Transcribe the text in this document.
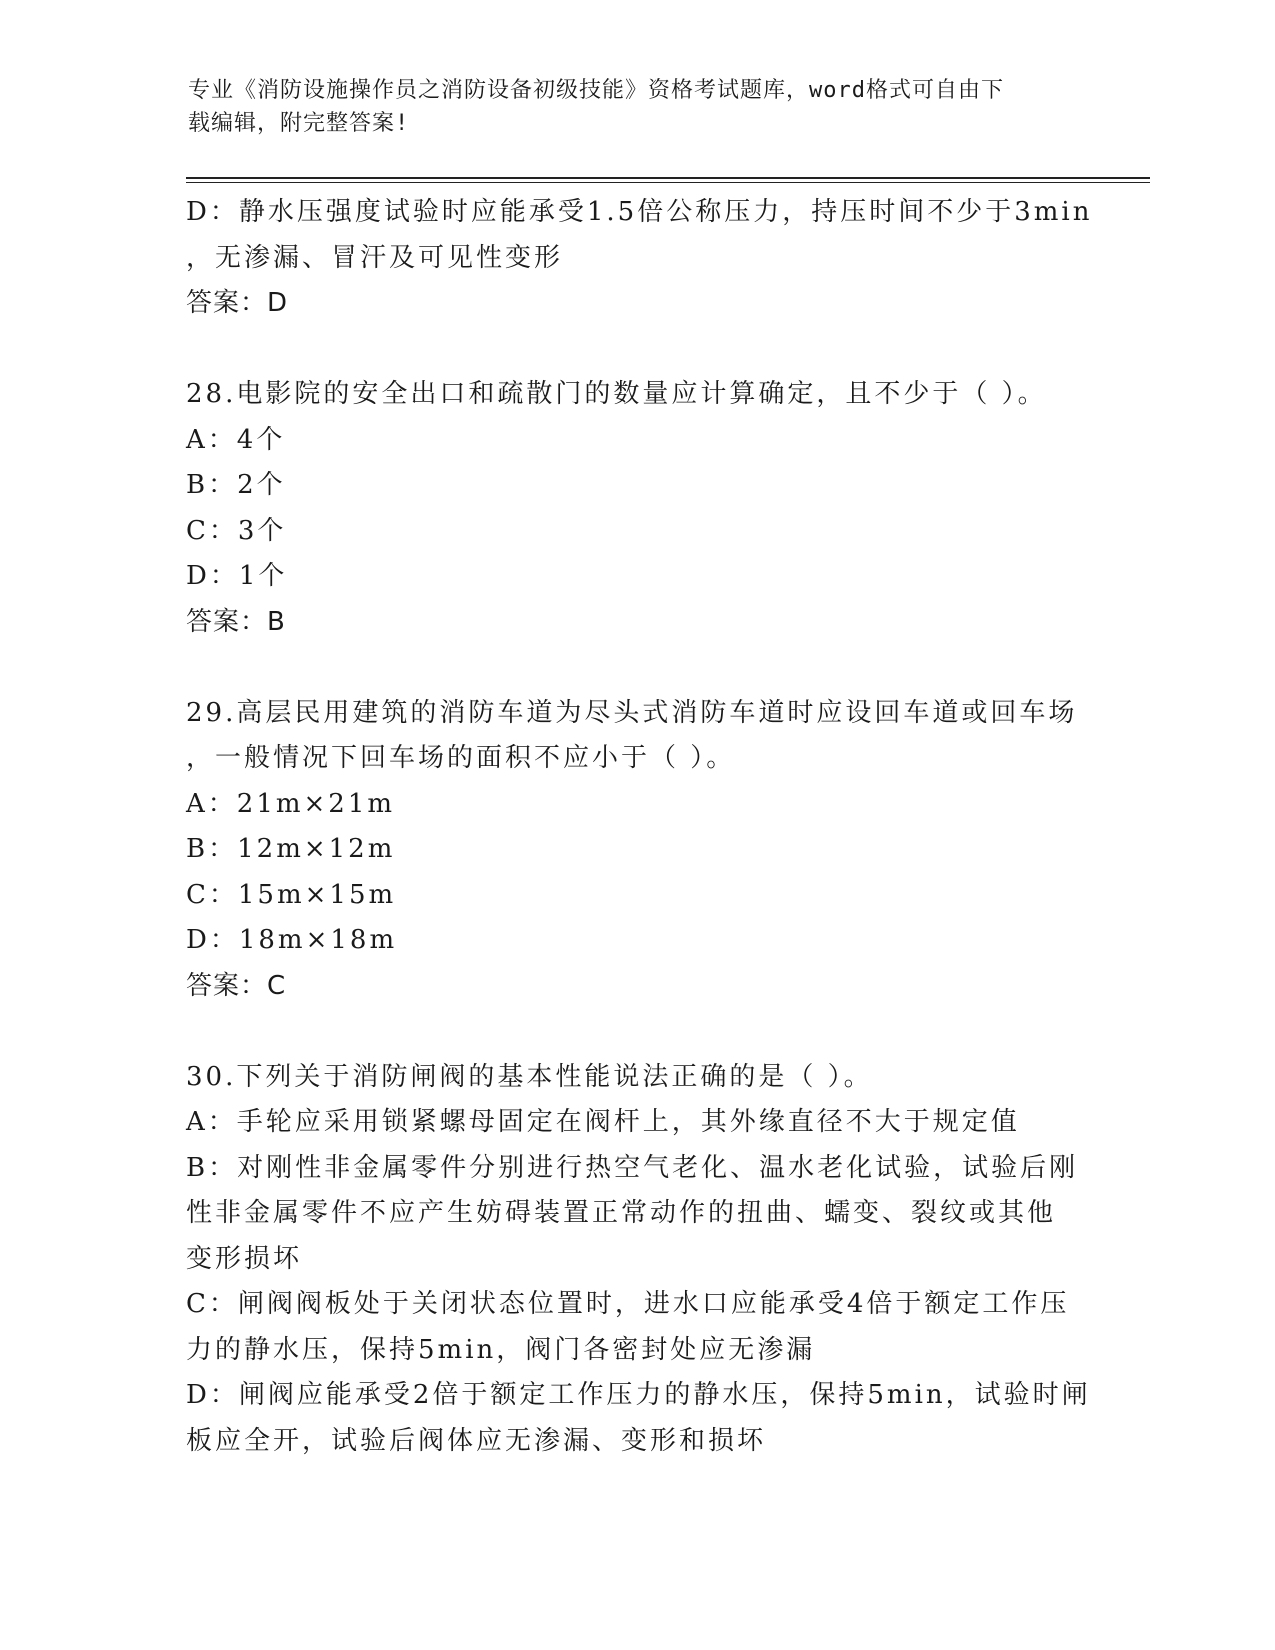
专业《消防设施操作员之消防设备初级技能》资格考试题库，word格式可自由下
载编辑，附完整答案!
D：静水压强度试验时应能承受1.5倍公称压力，持压时间不少于3min
，无渗漏、冒汗及可见性变形
答案：D
28.电影院的安全出口和疏散门的数量应计算确定，且不少于（ ）。
A：4个
B：2个
C：3个
D：1个
答案：B
29.高层民用建筑的消防车道为尽头式消防车道时应设回车道或回车场
，一般情况下回车场的面积不应小于（ ）。
A：21m×21m
B：12m×12m
C：15m×15m
D：18m×18m
答案：C
30.下列关于消防闸阀的基本性能说法正确的是（ ）。
A：手轮应采用锁紧螺母固定在阀杆上，其外缘直径不大于规定值
B：对刚性非金属零件分别进行热空气老化、温水老化试验，试验后刚
性非金属零件不应产生妨碍装置正常动作的扭曲、蠕变、裂纹或其他
变形损坏
C：闸阀阀板处于关闭状态位置时，进水口应能承受4倍于额定工作压
力的静水压，保持5min，阀门各密封处应无渗漏
D：闸阀应能承受2倍于额定工作压力的静水压，保持5min，试验时闸
板应全开，试验后阀体应无渗漏、变形和损坏
